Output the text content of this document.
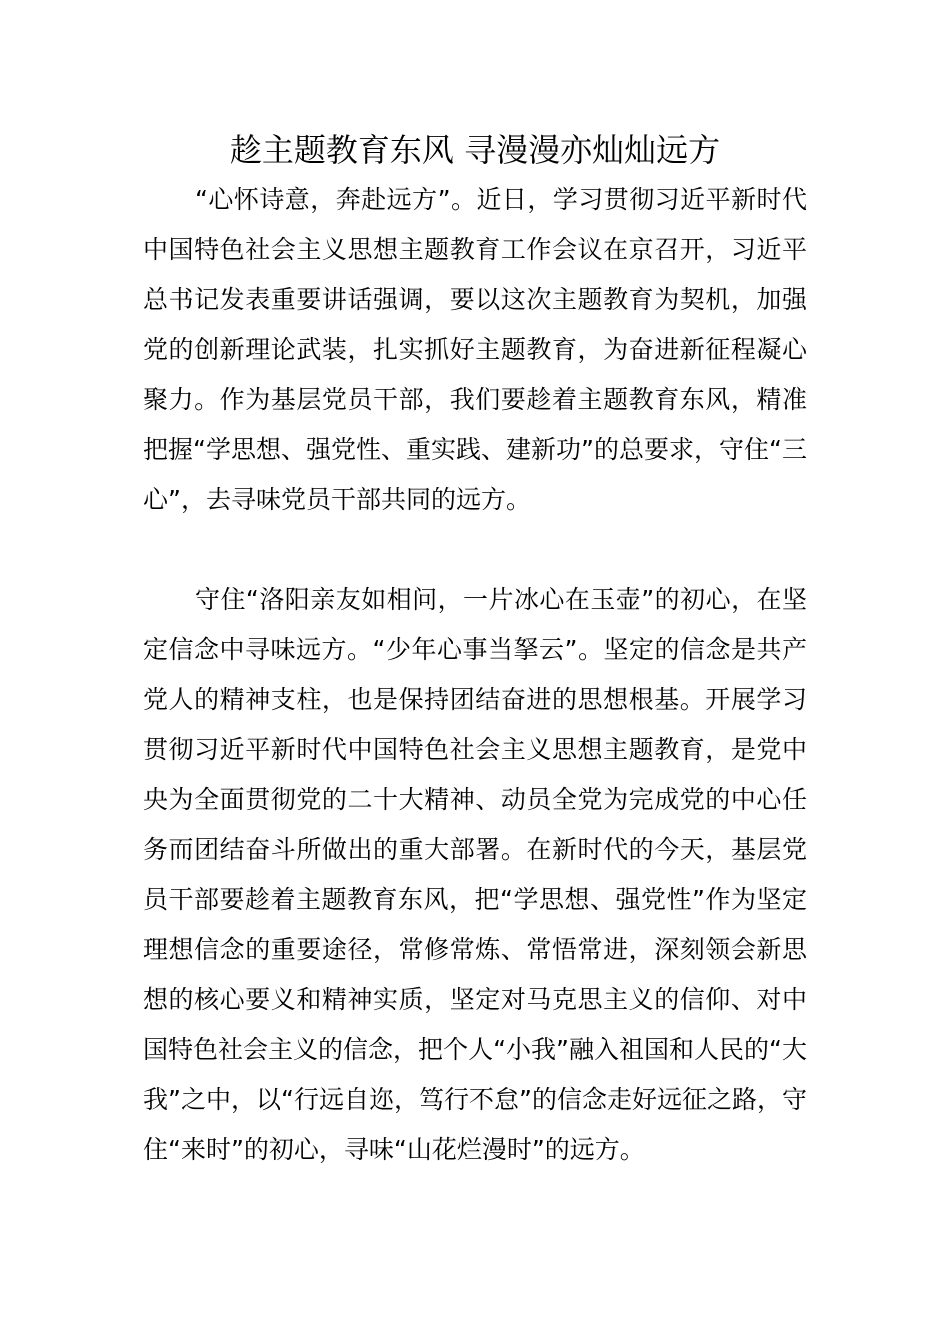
趁主题教育东风 寻漫漫亦灿灿远方

“心怀诗意，奔赴远方”。近日，学习贯彻习近平新时代中国特色社会主义思想主题教育工作会议在京召开，习近平总书记发表重要讲话强调，要以这次主题教育为契机，加强党的创新理论武装，扎实抓好主题教育，为奋进新征程凝心聚力。作为基层党员干部，我们要趁着主题教育东风，精准把握“学思想、强党性、重实践、建新功”的总要求，守住“三心”，去寻味党员干部共同的远方。

守住“洛阳亲友如相问，一片冰心在玉壶”的初心，在坚定信念中寻味远方。“少年心事当拏云”。坚定的信念是共产党人的精神支柱，也是保持团结奋进的思想根基。开展学习贯彻习近平新时代中国特色社会主义思想主题教育，是党中央为全面贯彻党的二十大精神、动员全党为完成党的中心任务而团结奋斗所做出的重大部署。在新时代的今天，基层党员干部要趁着主题教育东风，把“学思想、强党性”作为坚定理想信念的重要途径，常修常炼、常悟常进，深刻领会新思想的核心要义和精神实质，坚定对马克思主义的信仰、对中国特色社会主义的信念，把个人“小我”融入祖国和人民的“大我”之中，以“行远自迩，笃行不怠”的信念走好远征之路，守住“来时”的初心，寻味“山花烂漫时”的远方。
